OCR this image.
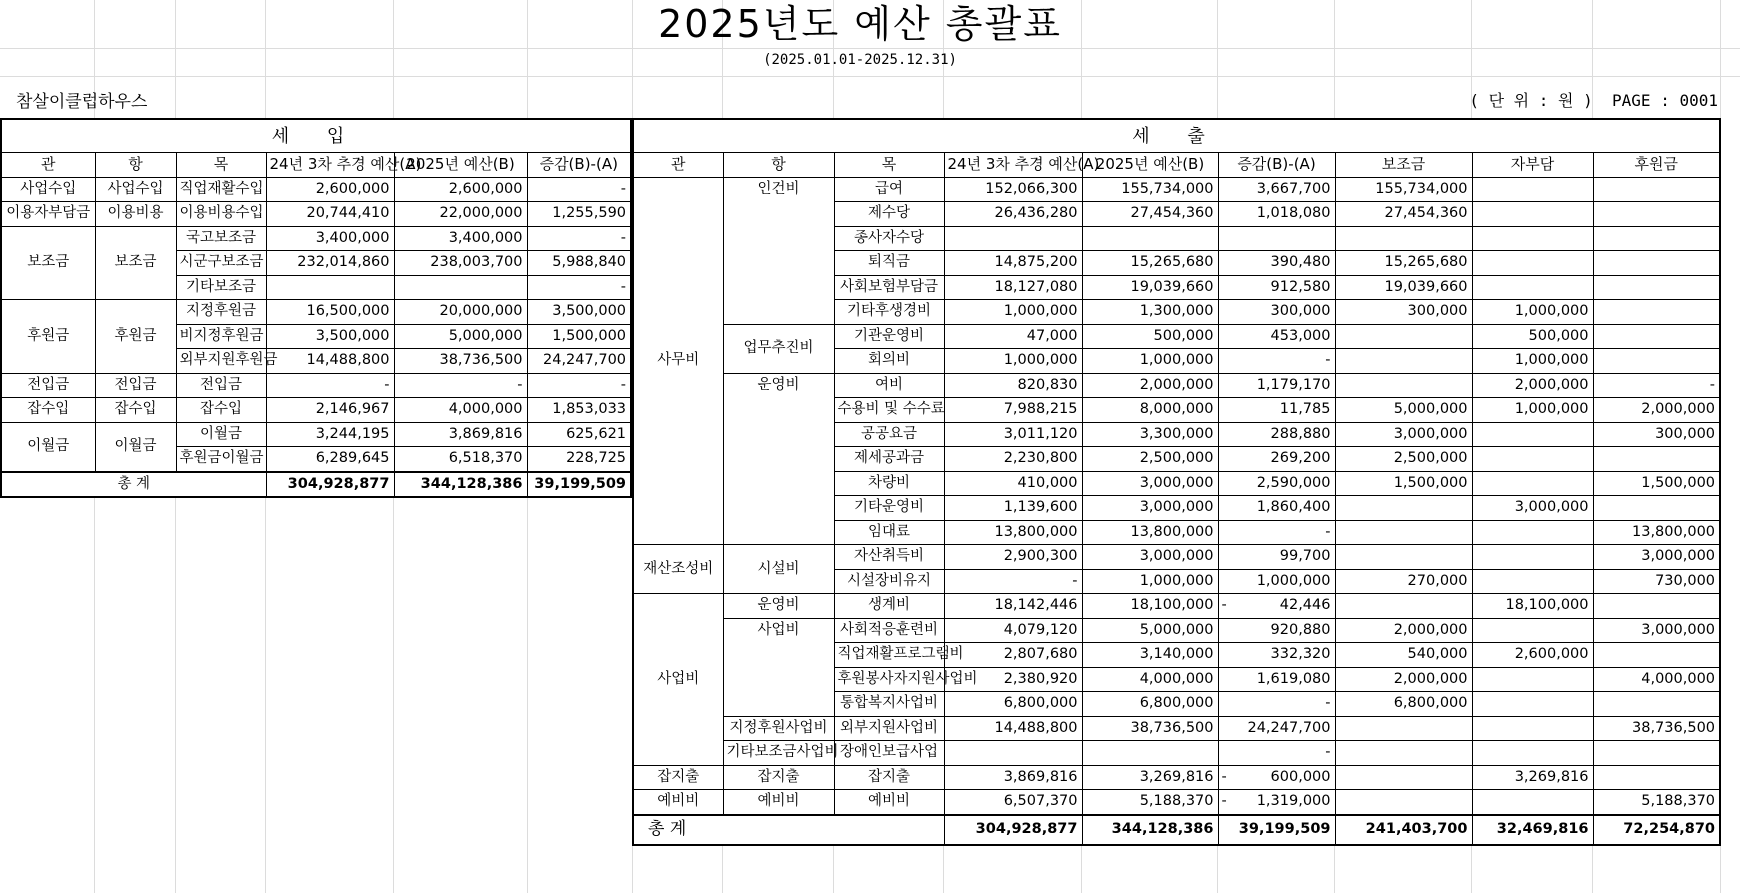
2025년도 예산 총괄표
(2025.01.01-2025.12.31)
참살이클럽하우스	( 단 위 : 원 )  PAGE : 0001
세 입					
관	항	목	24년 3차 추경 예산(A)	2025년 예산(B)	증감(B)-(A)
사업수입	사업수입	직업재활수입	2,600,000	2,600,000	-
이용자부담금	이용비용	이용비용수입	20,744,410	22,000,000	1,255,590
보조금	보조금	국고보조금	3,400,000	3,400,000	-
		시군구보조금	232,014,860	238,003,700	5,988,840
		기타보조금			-
후원금	후원금	지정후원금	16,500,000	20,000,000	3,500,000
		비지정후원금	3,500,000	5,000,000	1,500,000
		외부지원후원금	14,488,800	38,736,500	24,247,700
전입금	전입금	전입금	-	-	-
잡수입	잡수입	잡수입	2,146,967	4,000,000	1,853,033
이월금	이월금	이월금	3,244,195	3,869,816	625,621
		후원금이월금	6,289,645	6,518,370	228,725
총 계			304,928,877	344,128,386	39,199,509
세 출								
관	항	목	24년 3차 추경 예산(A)	2025년 예산(B)	증감(B)-(A)	보조금	자부담	후원금
사무비	인건비	급여	152,066,300	155,734,000	3,667,700	155,734,000		
		제수당	26,436,280	27,454,360	1,018,080	27,454,360		
		종사자수당						
		퇴직금	14,875,200	15,265,680	390,480	15,265,680		
		사회보험부담금	18,127,080	19,039,660	912,580	19,039,660		
		기타후생경비	1,000,000	1,300,000	300,000	300,000	1,000,000	
	업무추진비	기관운영비	47,000	500,000	453,000		500,000	
		회의비	1,000,000	1,000,000	-		1,000,000	
	운영비	여비	820,830	2,000,000	1,179,170		2,000,000	-
		수용비 및 수수료	7,988,215	8,000,000	11,785	5,000,000	1,000,000	2,000,000
		공공요금	3,011,120	3,300,000	288,880	3,000,000		300,000
		제세공과금	2,230,800	2,500,000	269,200	2,500,000		
		차량비	410,000	3,000,000	2,590,000	1,500,000		1,500,000
		기타운영비	1,139,600	3,000,000	1,860,400		3,000,000	
		임대료	13,800,000	13,800,000	-			13,800,000
재산조성비	시설비	자산취득비	2,900,300	3,000,000	99,700			3,000,000
		시설장비유지	-	1,000,000	1,000,000	270,000		730,000
사업비	운영비	생계비	18,142,446	18,100,000	- 42,446		18,100,000	
	사업비	사회적응훈련비	4,079,120	5,000,000	920,880	2,000,000		3,000,000
		직업재활프로그램비	2,807,680	3,140,000	332,320	540,000	2,600,000	
		후원봉사자지원사업비	2,380,920	4,000,000	1,619,080	2,000,000		4,000,000
		통합복지사업비	6,800,000	6,800,000	-	6,800,000		
	지정후원사업비	외부지원사업비	14,488,800	38,736,500	24,247,700			38,736,500
	기타보조금사업비	장애인보급사업			-			
잡지출	잡지출	잡지출	3,869,816	3,269,816	- 600,000		3,269,816	
예비비	예비비	예비비	6,507,370	5,188,370	- 1,319,000			5,188,370
총 계			304,928,877	344,128,386	39,199,509	241,403,700	32,469,816	72,254,870
